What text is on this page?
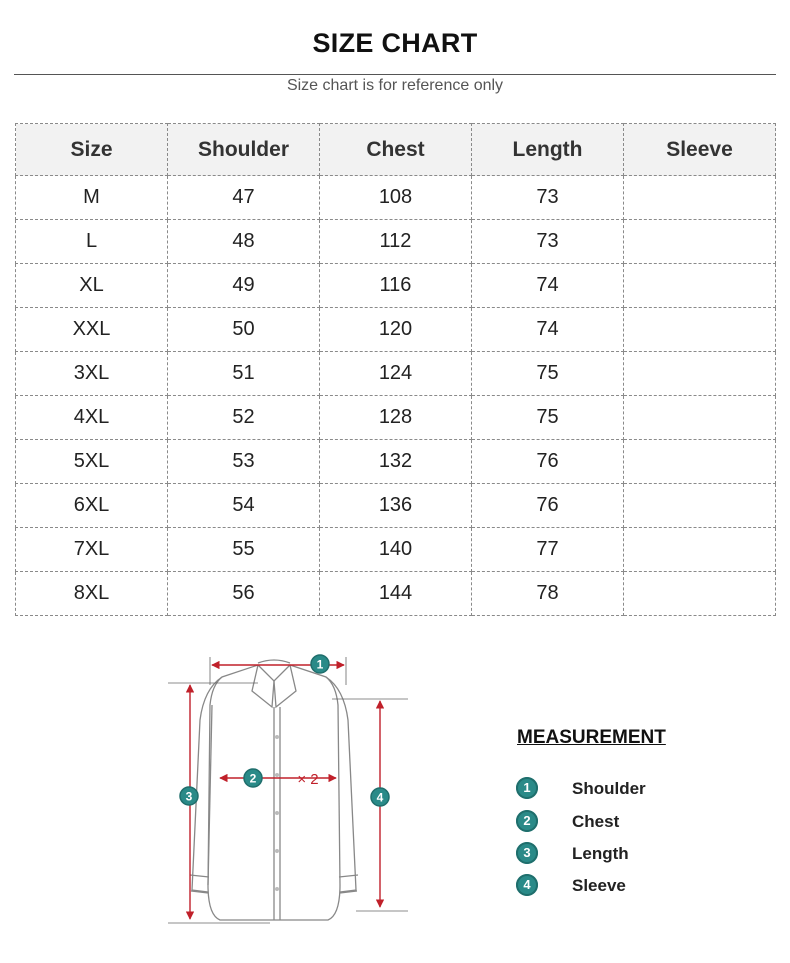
SIZE CHART
Size chart is for reference only
Size	Shoulder	Chest	Length	Sleeve
M	47	108	73	
L	48	112	73	
XL	49	116	74	
XXL	50	120	74	
3XL	51	124	75	
4XL	52	128	75	
5XL	53	132	76	
6XL	54	136	76	
7XL	55	140	77	
8XL	56	144	78	
1
2	× 2
3	4
MEASUREMENT
1	Shoulder
2	Chest
3	Length
4	Sleeve
